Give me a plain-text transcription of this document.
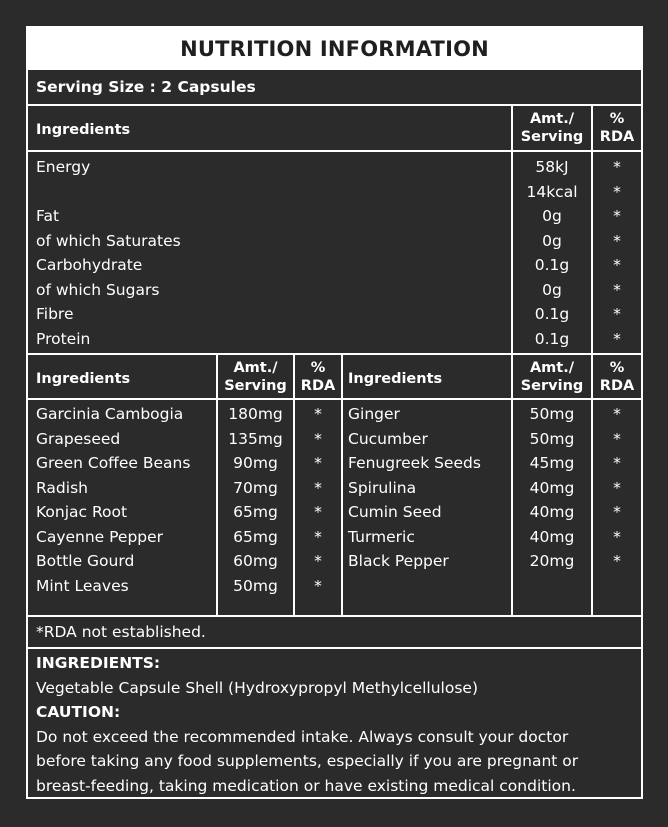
NUTRITION INFORMATION
Serving Size : 2 Capsules
Ingredients
Amt./
Serving
%
RDA
Energy
Fat
of which Saturates
Carbohydrate
of which Sugars
Fibre
Protein
58kJ
14kcal
0g
0g
0.1g
0g
0.1g
0.1g
*
*
*
*
*
*
*
*
Ingredients
Amt./
Serving
%
RDA Ingredients
Amt./
Serving
%
RDA
Garcinia Cambogia
Grapeseed
Green Coffee Beans
Radish
Konjac Root
Cayenne Pepper
Bottle Gourd
Mint Leaves
180mg
135mg
90mg
70mg
65mg
65mg
60mg
50mg
*
*
*
*
*
*
*
*
Ginger
Cucumber
Fenugreek Seeds
Spirulina
Cumin Seed
Turmeric
Black Pepper
50mg
50mg
45mg
40mg
40mg
40mg
20mg
*
*
*
*
*
*
*
*RDA not established.
INGREDIENTS:
Vegetable Capsule Shell (Hydroxypropyl Methylcellulose)
CAUTION:
Do not exceed the recommended intake. Always consult your doctor
before taking any food supplements, especially if you are pregnant or
breast-feeding, taking medication or have existing medical condition.
